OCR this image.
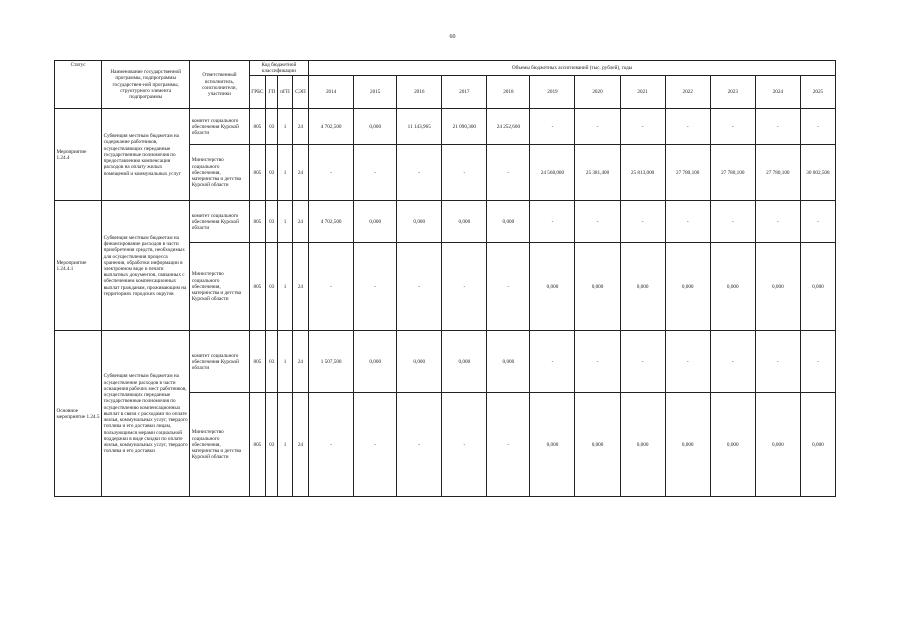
60
Статус	Наименование государственной программы, подпрограммы государствен-ной программы, структурного элемента подпрограммы	Ответственный исполнитель, соисполнители, участники	Код бюджетной классификации				Объемы бюджетных ассигнований (тыс. рублей), годы											
			ГРБС	ГП	пГП	СЭП	2014	2015	2016	2017	2018	2019	2020	2021	2022	2023	2024	2025

Мероприятие 1.24.4	Субвенция местным бюджетам на содержание работников, осуществляющих переданные государственные полномочия по предоставлению компенсации расходов на оплату жилых помещений и коммунальных услуг	комитет социального обеспечения Курской области	805	03	1	24	4 702,500	0,000	11 143,965	21 090,300	24 252,600	-	-	-	-	-	-	-
		Министерство социального обеспечения, материнства и детства Курской области	805	03	1	24	-	-	-	-	-	24 568,000	25 381,400	25 813,000	27 780,100	27 780,100	27 780,100	30 002,508
Мероприятие 1.24.4.1	Субвенция местным бюджетам на финансирование расходов в части приобретения средств, необходимых для осуществления процесса хранения, обработки информации в электронном виде и печати выплатных документов, связанных с обеспечением компенсационных выплат гражданам, проживающим на территориях городских округов	комитет социального обеспечения Курской области	805	03	1	24	4 702,500	0,000	0,000	0,000	0,000	-	-	-	-	-	-	-
		Министерство социального обеспечения, материнства и детства Курской области	805	03	1	24	-	-	-	-	-	0,000	0,000	0,000	0,000	0,000	0,000	0,000
Основное мероприятие 1.24.5	Субвенция местным бюджетам на осуществление расходов в части оснащения рабочих мест работников, осуществляющих переданные государственные полномочия по осуществлению компенсационных выплат в связи с расходами по оплате жилья, коммунальных услуг, твердого топлива и его доставки лицам, пользующимся мерами социальной поддержки в виде скидки по оплате жилья, коммунальных услуг, твердого топлива и его доставки	комитет социального обеспечения Курской области	805	03	1	24	1 507,500	0,000	0,000	0,000	0,000	-	-	-	-	-	-	-
		Министерство социального обеспечения, материнства и детства Курской области	805	03	1	24	-	-	-	-	-	0,000	0,000	0,000	0,000	0,000	0,000	0,000
